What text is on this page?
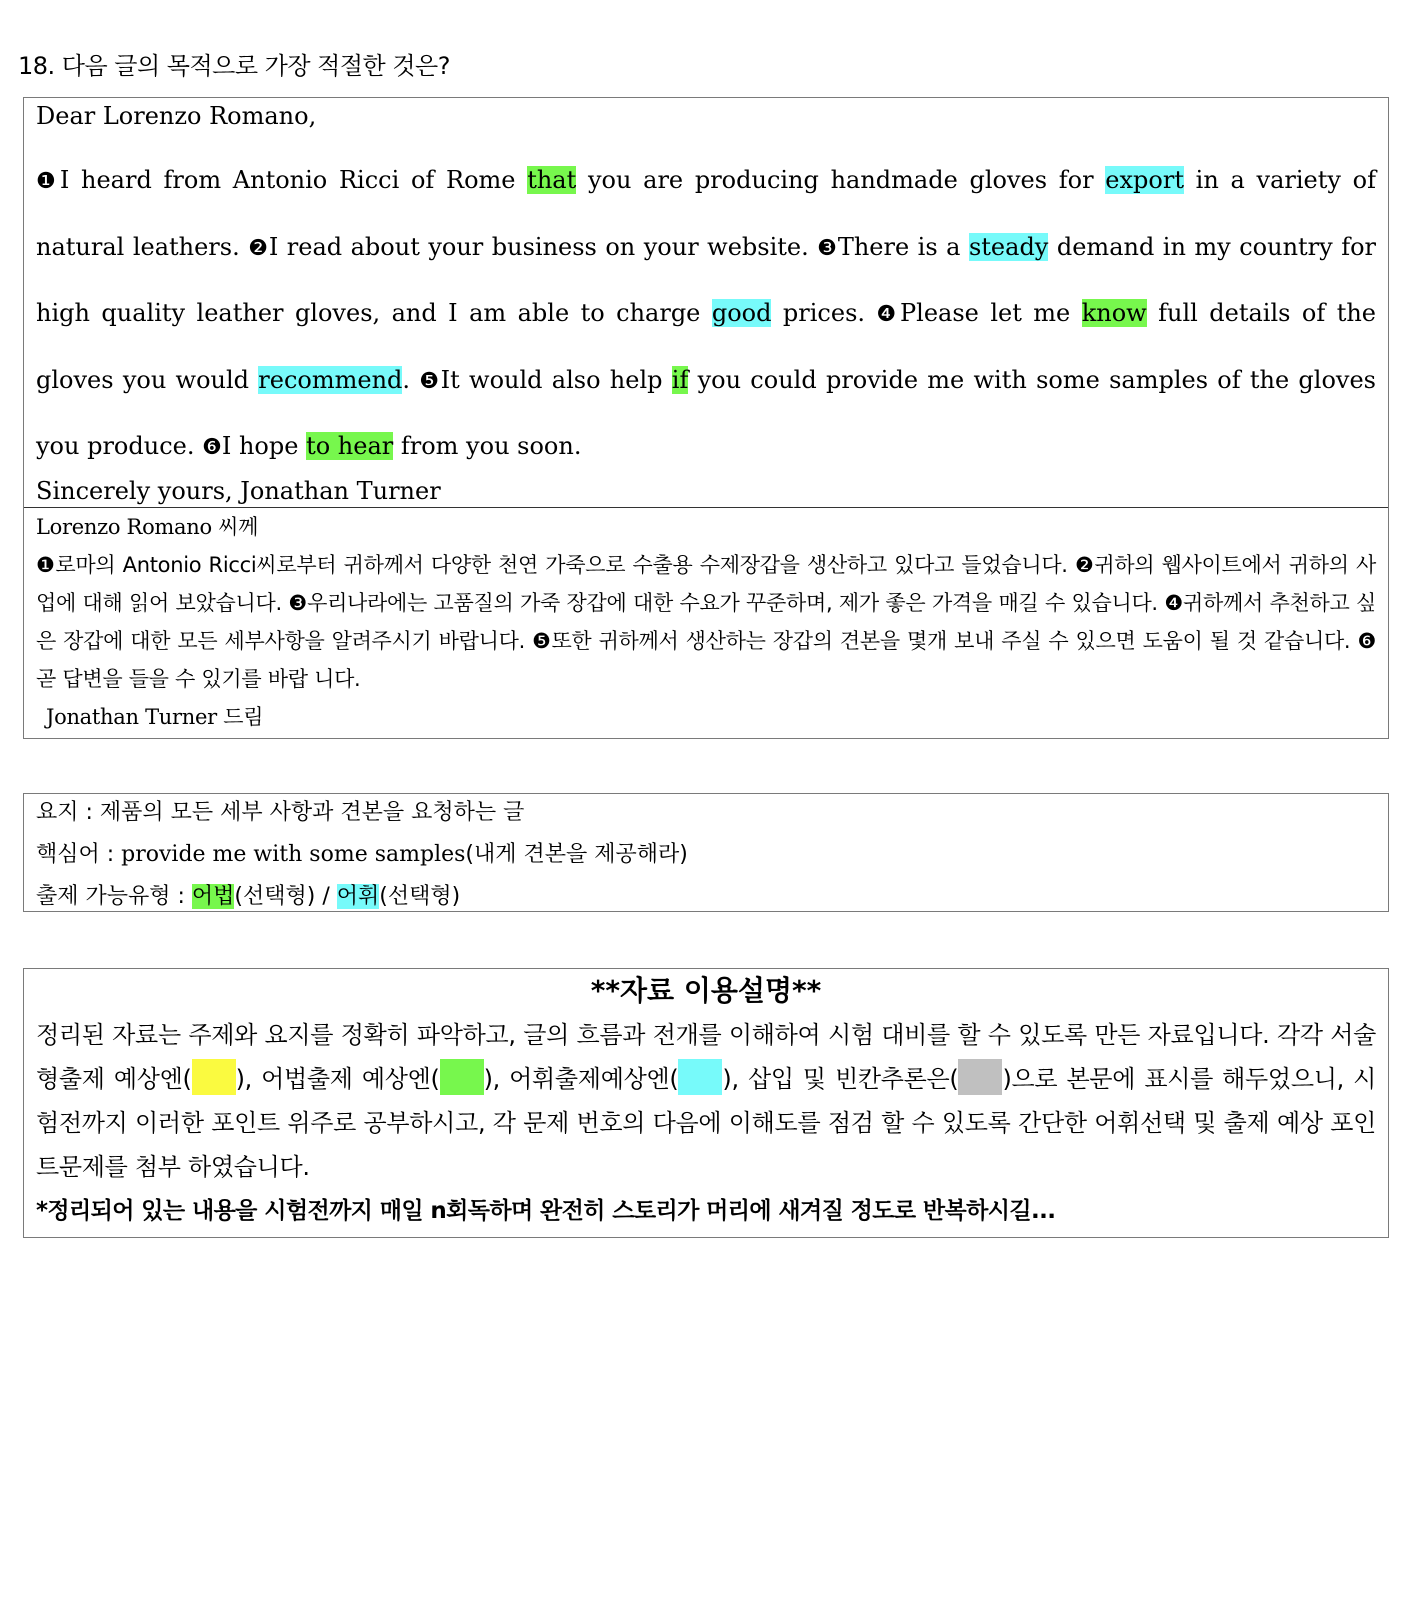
18. 다음 글의 목적으로 가장 적절한 것은?
Dear Lorenzo Romano,
❶I heard from Antonio Ricci of Rome that you are producing handmade gloves for export in a variety of natural leathers. ❷I read about your business on your website. ❸There is a steady demand in my country for high quality leather gloves, and I am able to charge good prices. ❹Please let me know full details of the gloves you would recommend. ❺It would also help if you could provide me with some samples of the gloves you produce. ❻I hope to hear from you soon.
Sincerely yours, Jonathan Turner
Lorenzo Romano 씨께
❶로마의 Antonio Ricci씨로부터 귀하께서 다양한 천연 가죽으로 수출용 수제장갑을 생산하고 있다고 들었습니다. ❷귀하의 웹사이트에서 귀하의 사업에 대해 읽어 보았습니다. ❸우리나라에는 고품질의 가죽 장갑에 대한 수요가 꾸준하며, 제가 좋은 가격을 매길 수 있습니다. ❹귀하께서 추천하고 싶은 장갑에 대한 모든 세부사항을 알려주시기 바랍니다. ❺또한 귀하께서 생산하는 장갑의 견본을 몇개 보내 주실 수 있으면 도움이 될 것 같습니다. ❻곧 답변을 들을 수 있기를 바랍 니다.
Jonathan Turner 드림
요지 : 제품의 모든 세부 사항과 견본을 요청하는 글
핵심어 : provide me with some samples(내게 견본을 제공해라)
출제 가능유형 : 어법(선택형) / 어휘(선택형)
**자료 이용설명**
정리된 자료는 주제와 요지를 정확히 파악하고, 글의 흐름과 전개를 이해하여 시험 대비를 할 수 있도록 만든 자료입니다. 각각 서술형출제 예상엔( ), 어법출제 예상엔( ), 어휘출제예상엔( ), 삽입 및 빈칸추론은( )으로 본문에 표시를 해두었으니, 시험전까지 이러한 포인트 위주로 공부하시고, 각 문제 번호의 다음에 이해도를 점검 할 수 있도록 간단한 어휘선택 및 출제 예상 포인트문제를 첨부 하였습니다.
*정리되어 있는 내용을 시험전까지 매일 n회독하며 완전히 스토리가 머리에 새겨질 정도로 반복하시길...
